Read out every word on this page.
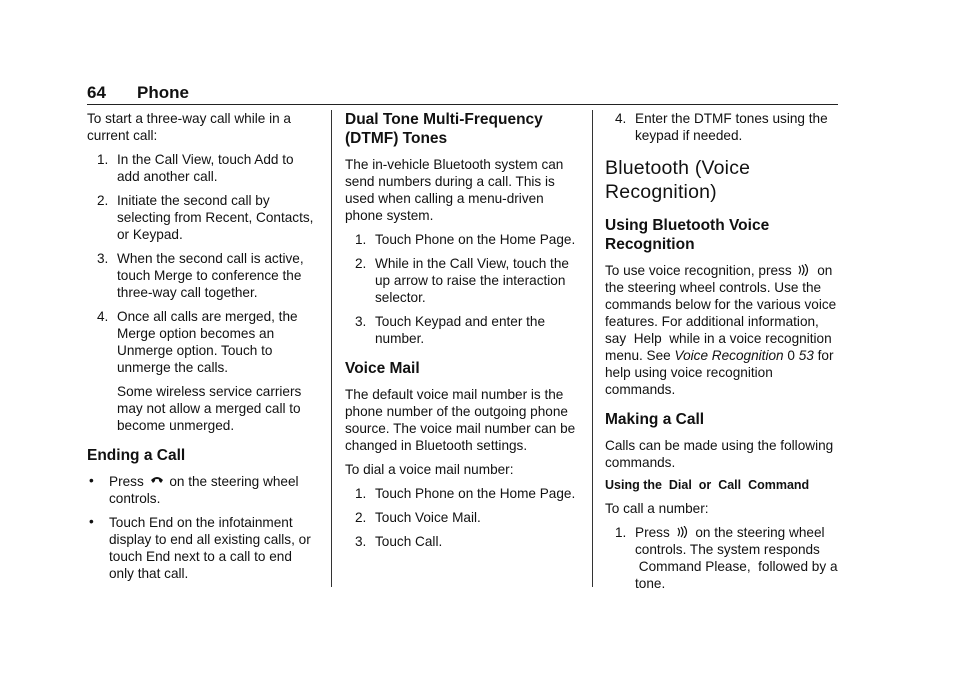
64 Phone

To start a three-way call while in a current call:

1. In the Call View, touch Add to add another call.
2. Initiate the second call by selecting from Recent, Contacts, or Keypad.
3. When the second call is active, touch Merge to conference the three-way call together.
4. Once all calls are merged, the Merge option becomes an Unmerge option. Touch to unmerge the calls.
Some wireless service carriers may not allow a merged call to become unmerged.
Ending a Call
• Press on the steering wheel controls.
• Touch End on the infotainment display to end all existing calls, or touch End next to a call to end only that call.
Dual Tone Multi-Frequency (DTMF) Tones

The in-vehicle Bluetooth system can send numbers during a call. This is used when calling a menu-driven phone system.

1. Touch Phone on the Home Page.
2. While in the Call View, touch the up arrow to raise the interaction selector.
3. Touch Keypad and enter the number.
Voice Mail

The default voice mail number is the phone number of the outgoing phone source. The voice mail number can be changed in Bluetooth settings.

To dial a voice mail number:

1. Touch Phone on the Home Page.
2. Touch Voice Mail.
3. Touch Call.
4. Enter the DTMF tones using the keypad if needed.
Bluetooth (Voice Recognition)
Using Bluetooth Voice Recognition

To use voice recognition, press on the steering wheel controls. Use the commands below for the various voice features. For additional information, say  Help  while in a voice recognition menu. See Voice Recognition 0 53 for help using voice recognition commands.

Making a Call

Calls can be made using the following commands.

Using the  Dial  or  Call  Command

To call a number:

1. Press on the steering wheel controls. The system responds  Command Please,  followed by a tone.
